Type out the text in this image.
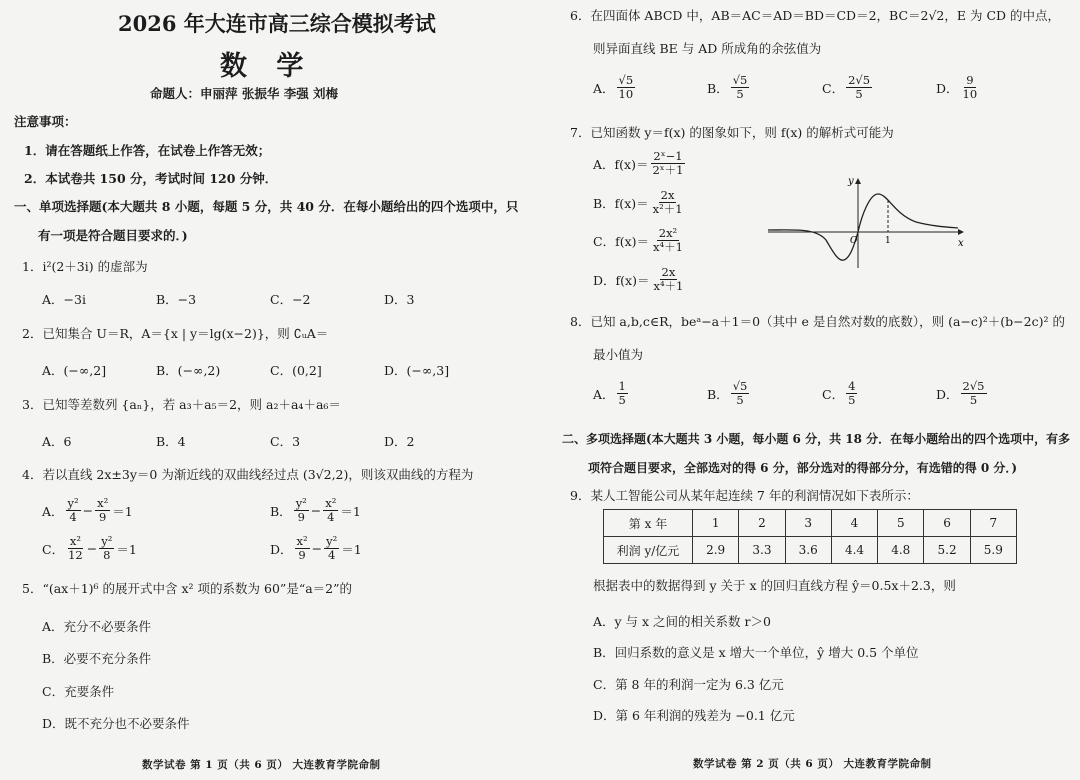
2026 年大连市高三综合模拟考试
数 学
命题人：申丽萍 张振华 李强 刘梅
注意事项：
1．请在答题纸上作答，在试卷上作答无效；
2．本试卷共 150 分，考试时间 120 分钟．
一、单项选择题(本大题共 8 小题，每题 5 分，共 40 分．在每小题给出的四个选项中，只
有一项是符合题目要求的．)
1．i²(2＋3i) 的虚部为
A．−3i	B．−3	C．−2	D．3
2．已知集合 U＝R，A＝{x | y＝lg(x−2)}，则 ∁ᵤA＝
A．(−∞,2]	B．(−∞,2)	C．(0,2]	D．(−∞,3]
3．已知等差数列 {aₙ}，若 a₃＋a₅＝2，则 a₂＋a₄＋a₆＝
A．6	B．4	C．3	D．2
4．若以直线 2x±3y＝0 为渐近线的双曲线经过点 (3√2,2)，则该双曲线的方程为
A． $\frac{\text{y²}}{4} - \frac{\text{x²}}{9} =1$	B． $\frac{\text{y²}}{9} - \frac{\text{x²}}{4} =1$
C． $\frac{\text{x²}}{12} - \frac{\text{y²}}{8} =1$	D． $\frac{\text{x²}}{9} - \frac{\text{y²}}{4} =1$
5．“(ax＋1)⁶ 的展开式中含 x² 项的系数为 60”是“a＝2”的
A．充分不必要条件
B．必要不充分条件
C．充要条件
D．既不充分也不必要条件
数学试卷 第 1 页（共 6 页） 大连教育学院命制
6．在四面体 ABCD 中，AB＝AC＝AD＝BD＝CD＝2，BC＝2√2，E 为 CD 的中点，
则异面直线 BE 与 AD 所成角的余弦值为
A． $\frac{√5}{10}$	B． $\frac{√5}{5}$	C． $\frac{2√5}{5}$	D． $\frac{9}{10}$
7．已知函数 y＝f(x) 的图象如下，则 f(x) 的解析式可能为
A．$f(x)= \frac{\text{2ˣ−1}}{\text{2ˣ＋1}}$
B．$f(x)= \frac{2x}{\text{x²＋1}}$
C．$f(x)= \frac{\text{2x²}}{\text{x⁴＋1}}$
D．$f(x)= \frac{2x}{\text{x⁴＋1}}$
y
x
O	1
8．已知 a,b,c∈R，beᵃ−a＋1＝0（其中 e 是自然对数的底数），则 (a−c)²＋(b−2c)² 的
最小值为
A． $\frac{1}{5}$	B． $\frac{√5}{5}$	C． $\frac{4}{5}$	D． $\frac{2√5}{5}$
二、多项选择题(本大题共 3 小题，每小题 6 分，共 18 分．在每小题给出的四个选项中，有多
项符合题目要求，全部选对的得 6 分，部分选对的得部分分，有选错的得 0 分．)
9．某人工智能公司从某年起连续 7 年的利润情况如下表所示：
第 x 年	1	2	3	4	5	6	7
利润 y/亿元	2.9	3.3	3.6	4.4	4.8	5.2	5.9
根据表中的数据得到 y 关于 x 的回归直线方程 ŷ＝0.5x＋2.3，则
A．y 与 x 之间的相关系数 r＞0
B．回归系数的意义是 x 增大一个单位，ŷ 增大 0.5 个单位
C．第 8 年的利润一定为 6.3 亿元
D．第 6 年利润的残差为 −0.1 亿元
数学试卷 第 2 页（共 6 页） 大连教育学院命制
